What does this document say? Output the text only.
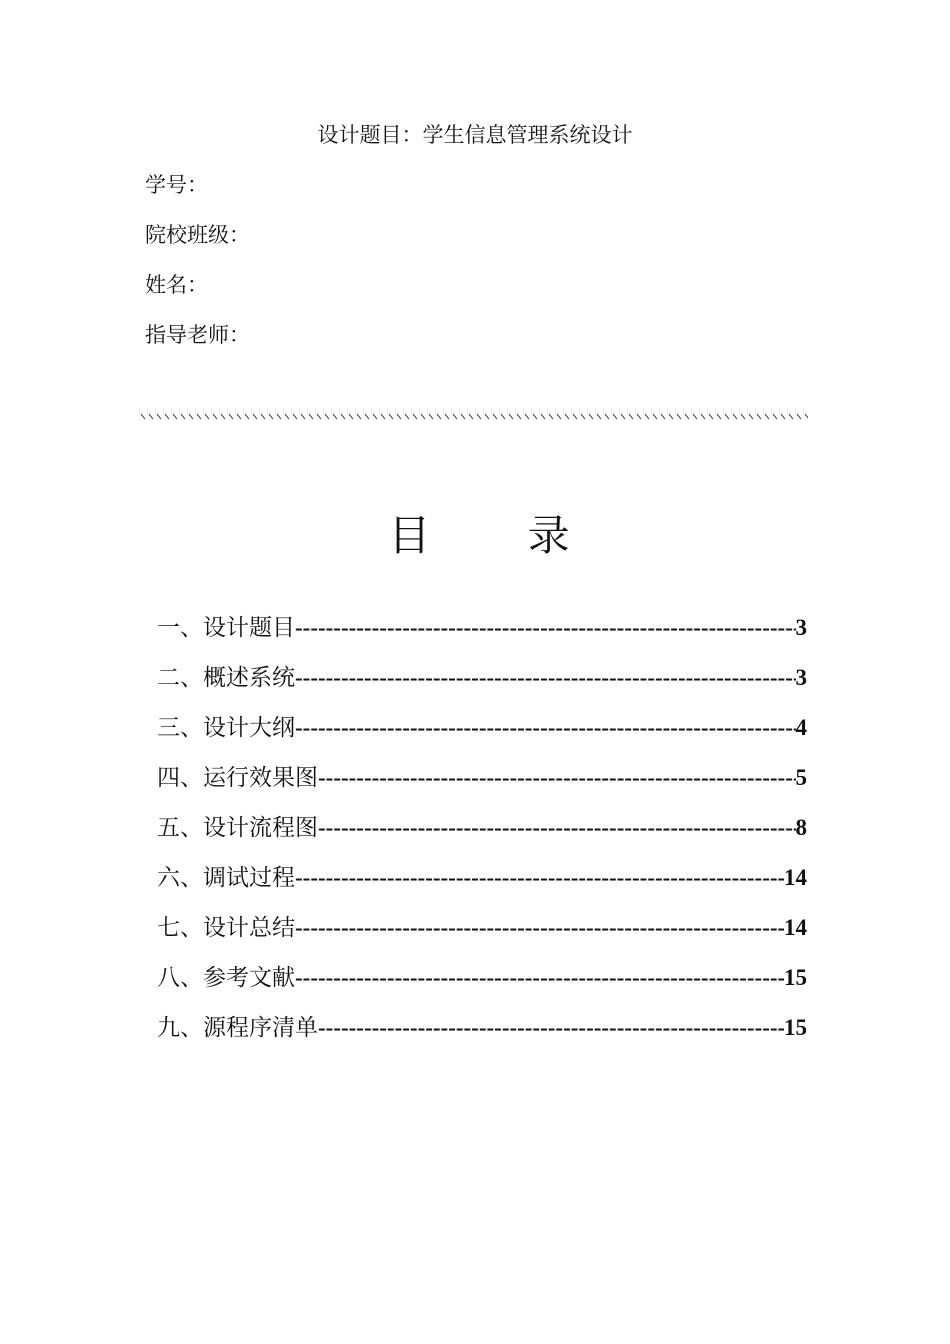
设计题目：学生信息管理系统设计
学号：
院校班级：
姓名：
指导老师：
目 录
一、设计题目 -----	3
二、概述系统 -----	3
三、设计大纲 -----	4
四、运行效果图 -----	5
五、设计流程图 -----	8
六、调试过程 -----	14
七、设计总结 -----	14
八、参考文献 -----	15
九、源程序清单 -----	15
